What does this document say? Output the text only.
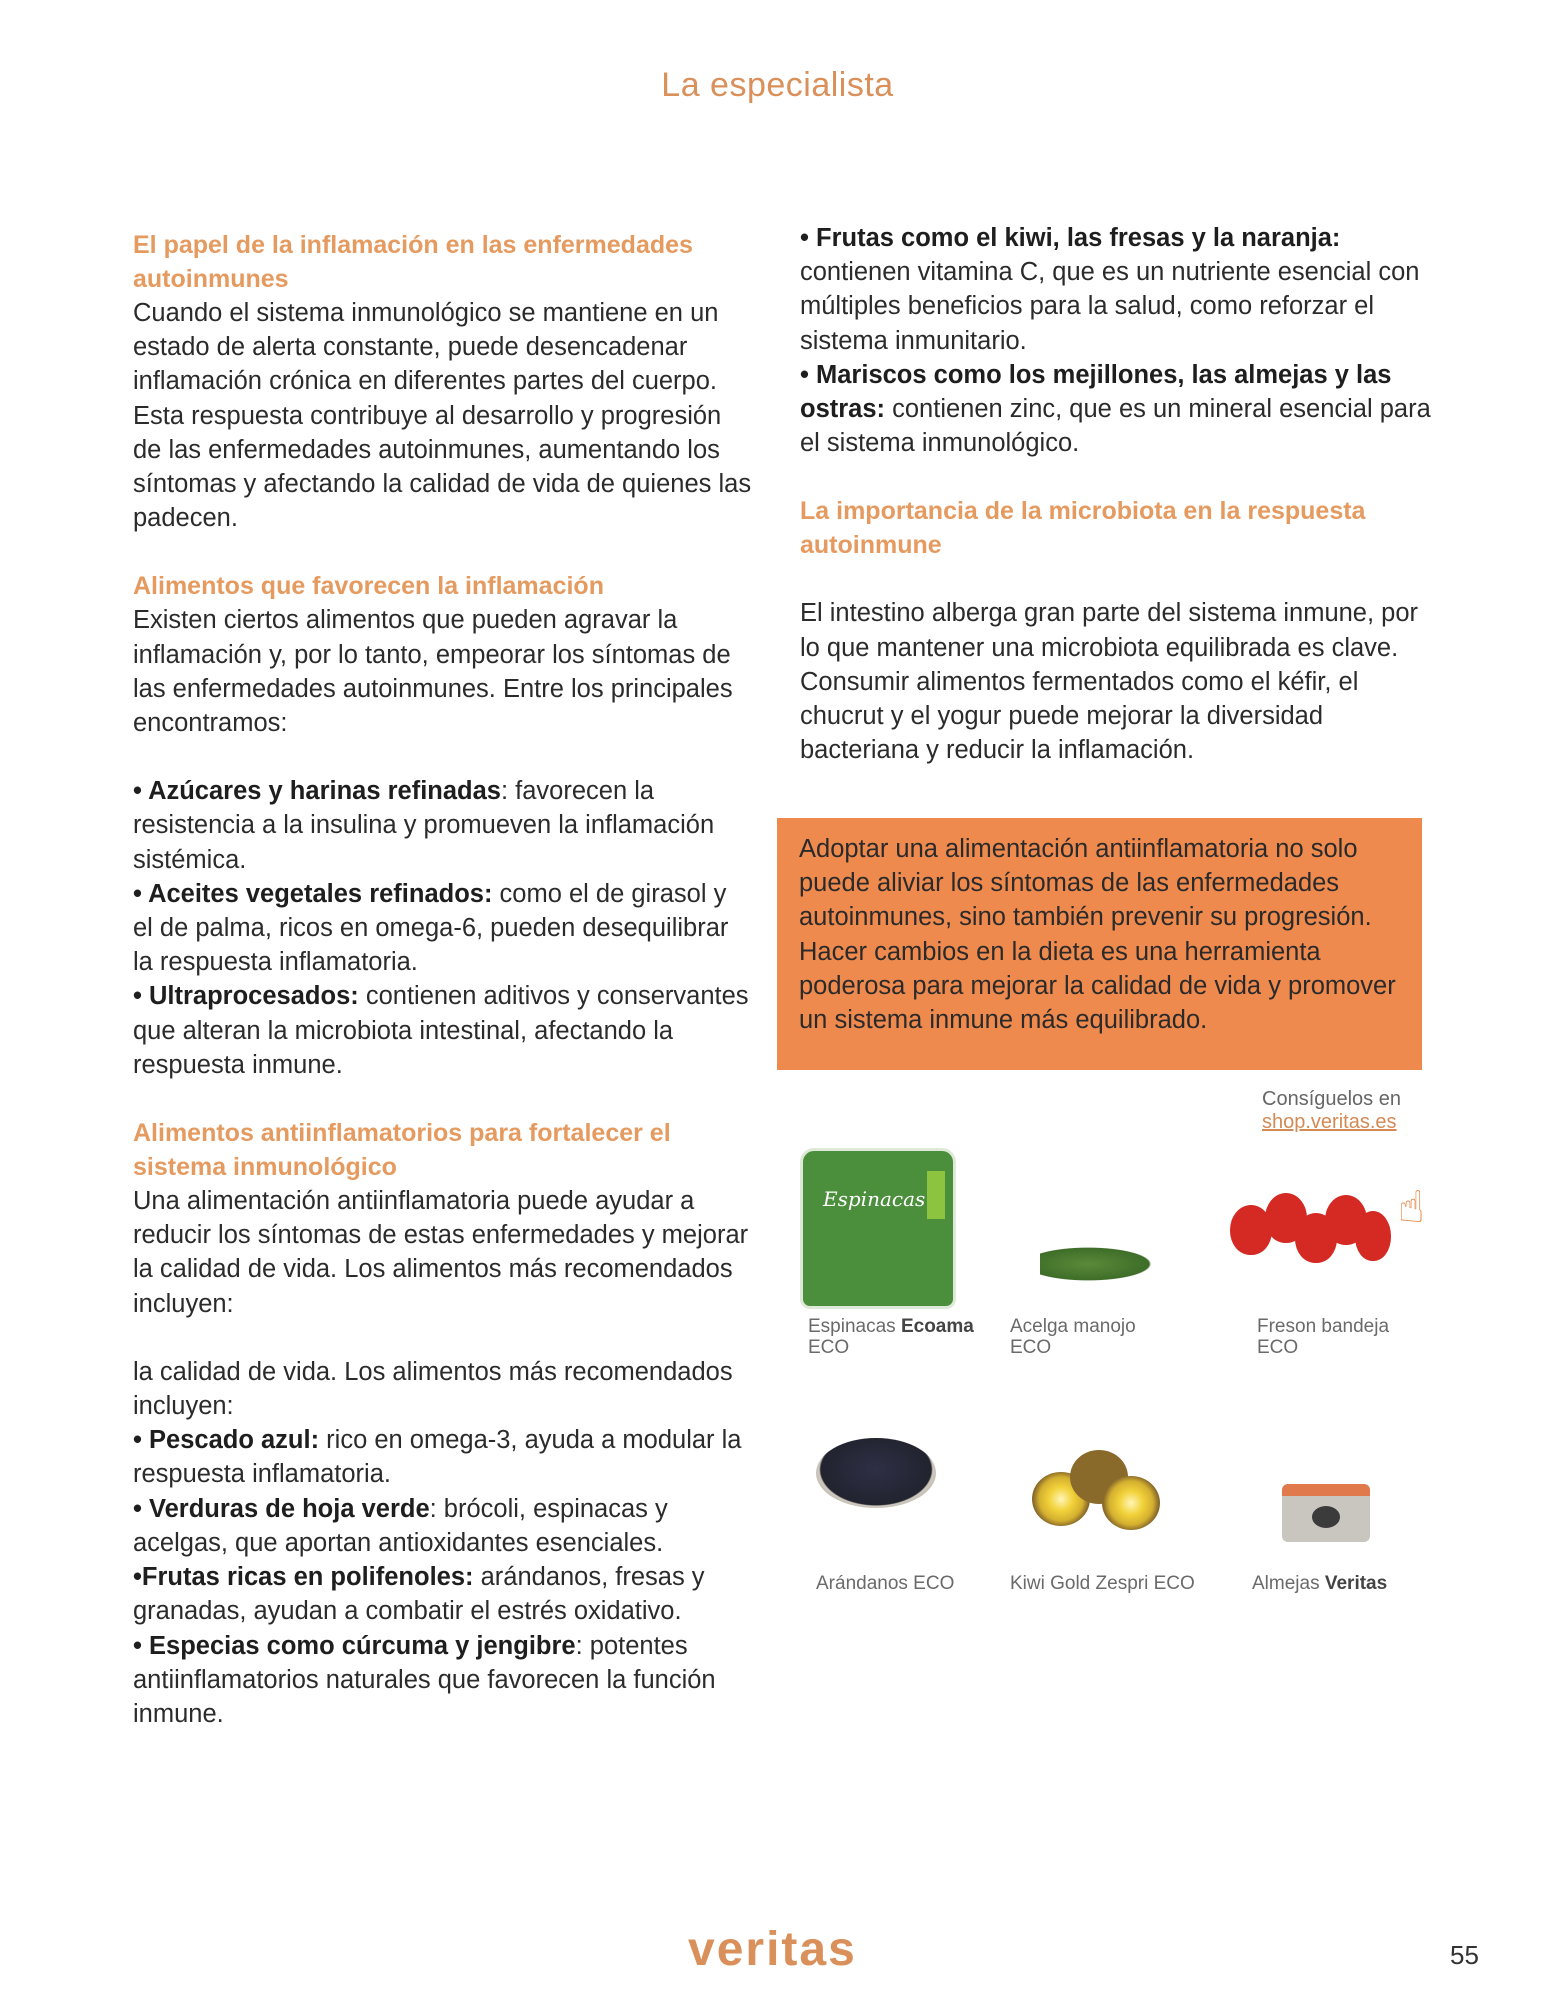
La especialista

El papel de la inflamación en las enfermedades autoinmunes

Cuando el sistema inmunológico se mantiene en un estado de alerta constante, puede desencadenar inflamación crónica en diferentes partes del cuerpo. Esta respuesta contribuye al desarrollo y progresión de las enfermedades autoinmunes, aumentando los síntomas y afectando la calidad de vida de quienes las padecen.

Alimentos que favorecen la inflamación

Existen ciertos alimentos que pueden agravar la inflamación y, por lo tanto, empeorar los síntomas de las enfermedades autoinmunes. Entre los principales encontramos:

• Azúcares y harinas refinadas: favorecen la resistencia a la insulina y promueven la inflamación sistémica.

• Aceites vegetales refinados: como el de girasol y el de palma, ricos en omega-6, pueden desequilibrar la respuesta inflamatoria.

• Ultraprocesados: contienen aditivos y conservantes que alteran la microbiota intestinal, afectando la respuesta inmune.

Alimentos antiinflamatorios para fortalecer el sistema inmunológico

Una alimentación antiinflamatoria puede ayudar a reducir los síntomas de estas enfermedades y mejorar la calidad de vida. Los alimentos más recomendados incluyen:

la calidad de vida. Los alimentos más recomendados incluyen:

• Pescado azul: rico en omega-3, ayuda a modular la respuesta inflamatoria.

• Verduras de hoja verde: brócoli, espinacas y acelgas, que aportan antioxidantes esenciales.

•Frutas ricas en polifenoles: arándanos, fresas y granadas, ayudan a combatir el estrés oxidativo.

• Especias como cúrcuma y jengibre: potentes antiinflamatorios naturales que favorecen la función inmune.

• Frutas como el kiwi, las fresas y la naranja: contienen vitamina C, que es un nutriente esencial con múltiples beneficios para la salud, como reforzar el sistema inmunitario.

• Mariscos como los mejillones, las almejas y las ostras: contienen zinc, que es un mineral esencial para el sistema inmunológico.

La importancia de la microbiota en la respuesta autoinmune

El intestino alberga gran parte del sistema inmune, por lo que mantener una microbiota equilibrada es clave. Consumir alimentos fermentados como el kéfir, el chucrut y el yogur puede mejorar la diversidad bacteriana y reducir la inflamación.

Adoptar una alimentación antiinflamatoria no solo puede aliviar los síntomas de las enfermedades autoinmunes, sino también prevenir su progresión. Hacer cambios en la dieta es una herramienta poderosa para mejorar la calidad de vida y promover un sistema inmune más equilibrado.
Consíguelos en
shop.veritas.es
☝
Espinacas
Espinacas Ecoama ECO
Acelga manojo ECO
Freson bandeja ECO
Arándanos ECO	Kiwi Gold Zespri ECO	Almejas Veritas
veritas	55
